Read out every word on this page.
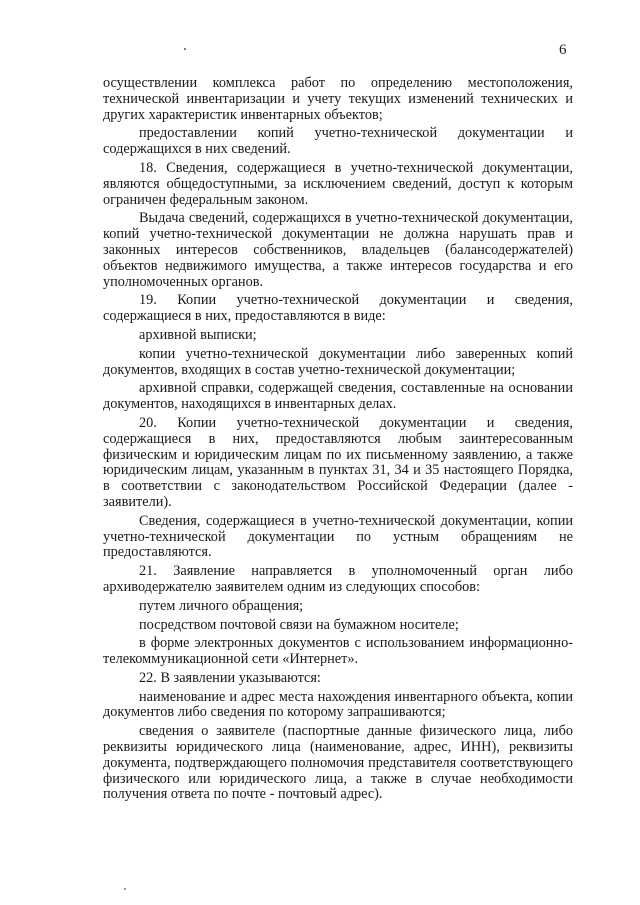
6

осуществлении комплекса работ по определению местоположения, технической инвентаризации и учету текущих изменений технических и других характеристик инвентарных объектов;

предоставлении копий учетно-технической документации и содержащихся в них сведений.

18. Сведения, содержащиеся в учетно-технической документации, являются общедоступными, за исключением сведений, доступ к которым ограничен федеральным законом.

Выдача сведений, содержащихся в учетно-технической документации, копий учетно-технической документации не должна нарушать прав и законных интересов собственников, владельцев (балансодержателей) объектов недвижимого имущества, а также интересов государства и его уполномоченных органов.

19. Копии учетно-технической документации и сведения, содержащиеся в них, предоставляются в виде:

архивной выписки;

копии учетно-технической документации либо заверенных копий документов, входящих в состав учетно-технической документации;

архивной справки, содержащей сведения, составленные на основании документов, находящихся в инвентарных делах.

20. Копии учетно-технической документации и сведения, содержащиеся в них, предоставляются любым заинтересованным физическим и юридическим лицам по их письменному заявлению, а также юридическим лицам, указанным в пунктах 31, 34 и 35 настоящего Порядка, в соответствии с законодательством Российской Федерации (далее - заявители).

Сведения, содержащиеся в учетно-технической документации, копии учетно-технической документации по устным обращениям не предоставляются.

21. Заявление направляется в уполномоченный орган либо архиводержателю заявителем одним из следующих способов:

путем личного обращения;

посредством почтовой связи на бумажном носителе;

в форме электронных документов с использованием информационно-телекоммуникационной сети «Интернет».

22. В заявлении указываются:

наименование и адрес места нахождения инвентарного объекта, копии документов либо сведения по которому запрашиваются;

сведения о заявителе (паспортные данные физического лица, либо реквизиты юридического лица (наименование, адрес, ИНН), реквизиты документа, подтверждающего полномочия представителя соответствующего физического или юридического лица, а также в случае необходимости получения ответа по почте - почтовый адрес).
